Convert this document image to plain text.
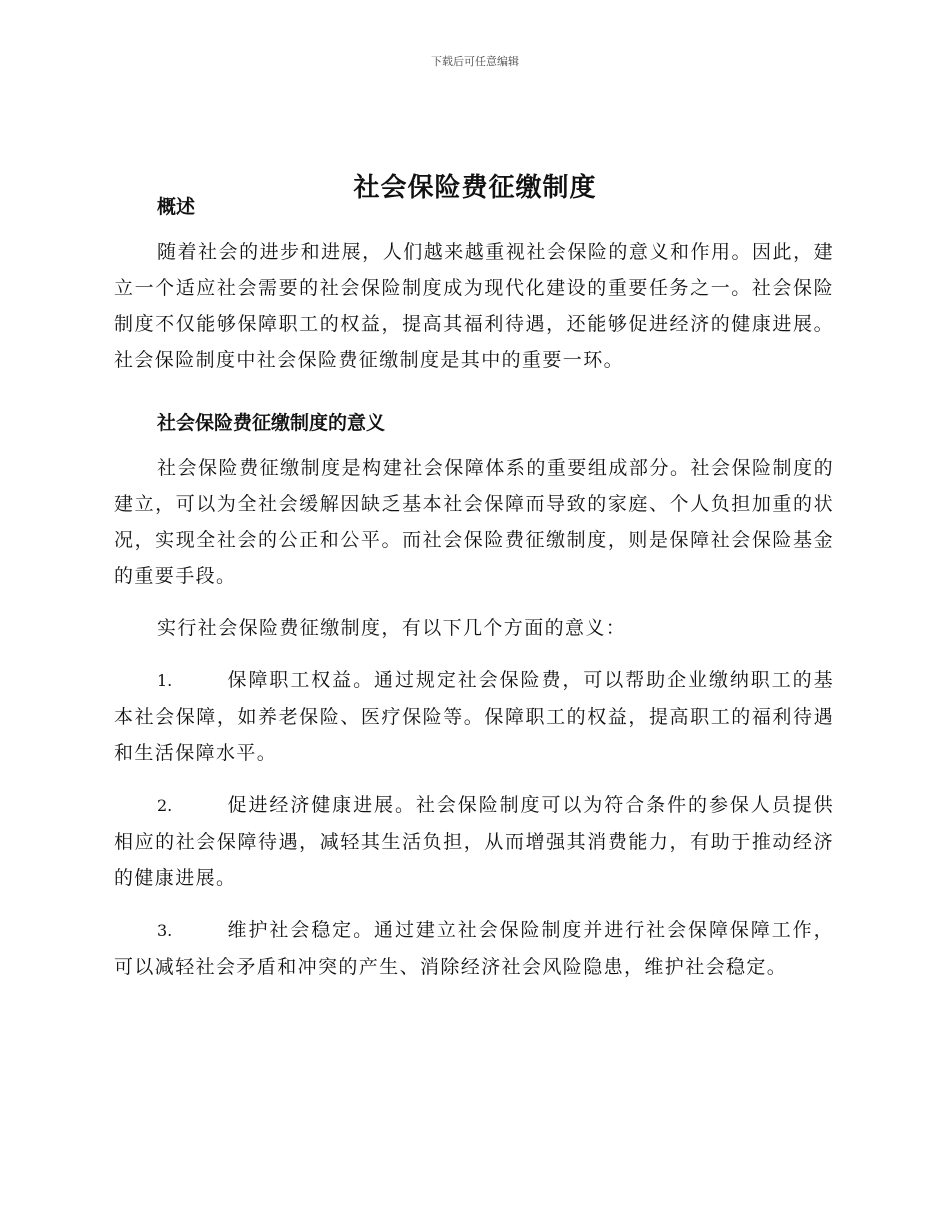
下载后可任意编辑
社会保险费征缴制度
概述

随着社会的进步和进展，人们越来越重视社会保险的意义和作用。因此，建立一个适应社会需要的社会保险制度成为现代化建设的重要任务之一。社会保险制度不仅能够保障职工的权益，提高其福利待遇，还能够促进经济的健康进展。社会保险制度中社会保险费征缴制度是其中的重要一环。

社会保险费征缴制度的意义

社会保险费征缴制度是构建社会保障体系的重要组成部分。社会保险制度的建立，可以为全社会缓解因缺乏基本社会保障而导致的家庭、个人负担加重的状况，实现全社会的公正和公平。而社会保险费征缴制度，则是保障社会保险基金的重要手段。

实行社会保险费征缴制度，有以下几个方面的意义：

1.	保障职工权益。通过规定社会保险费，可以帮助企业缴纳职工的基本社会保障，如养老保险、医疗保险等。保障职工的权益，提高职工的福利待遇和生活保障水平。
2.	促进经济健康进展。社会保险制度可以为符合条件的参保人员提供相应的社会保障待遇，减轻其生活负担，从而增强其消费能力，有助于推动经济的健康进展。
3.	维护社会稳定。通过建立社会保险制度并进行社会保障保障工作，可以减轻社会矛盾和冲突的产生、消除经济社会风险隐患，维护社会稳定。
